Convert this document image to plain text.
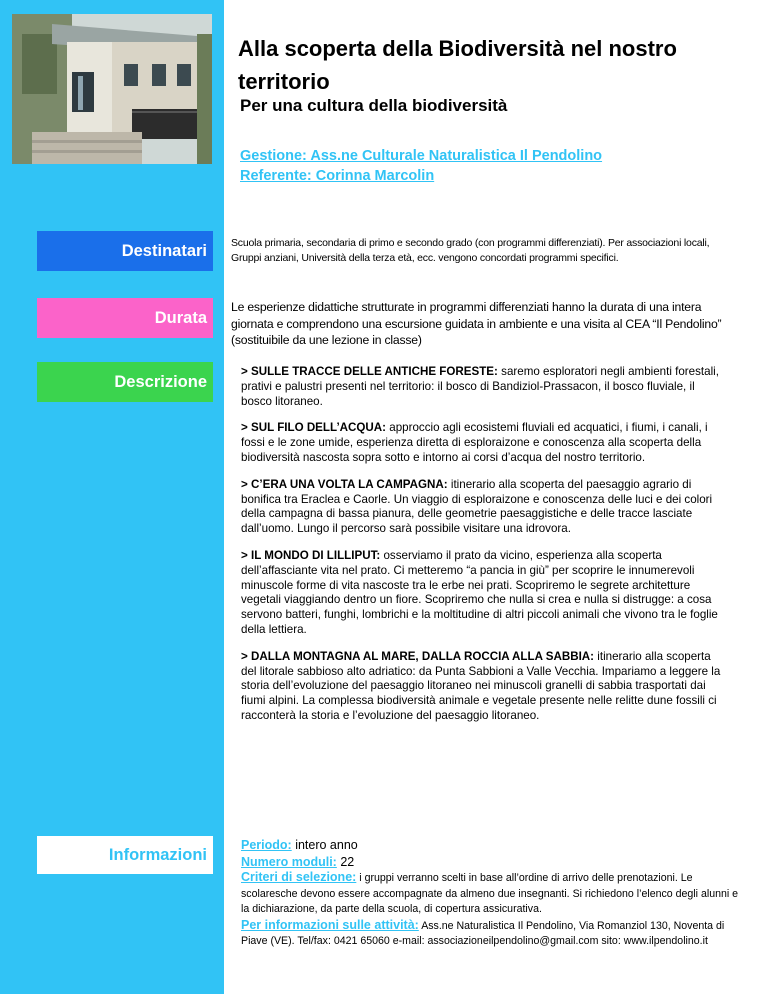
Alla scoperta della Biodiversità nel nostro territorio
Per una cultura della biodiversità
Gestione: Ass.ne Culturale Naturalistica Il Pendolino
Referente: Corinna Marcolin
Destinatari	Scuola primaria, secondaria di primo e secondo grado (con programmi differenziati). Per associazioni locali, Gruppi anziani, Università della terza età, ecc. vengono concordati programmi specifici.
Durata
Le esperienze didattiche strutturate in programmi differenziati hanno la durata di una intera giornata e comprendono una escursione guidata in ambiente e una visita al CEA “Il Pendolino” (sostituibile da une lezione in classe)
Descrizione

> SULLE TRACCE DELLE ANTICHE FORESTE: saremo esploratori negli ambienti forestali, prativi e palustri presenti nel territorio: il bosco di Bandiziol-Prassacon, il bosco fluviale, il bosco litoraneo.

> SUL FILO DELL’ACQUA: approccio agli ecosistemi fluviali ed acquatici, i fiumi, i canali, i fossi e le zone umide, esperienza diretta di esploraizone e conoscenza alla scoperta della biodiversità nascosta sopra sotto e intorno ai corsi d’acqua del nostro territorio.

> C’ERA UNA VOLTA LA CAMPAGNA: itinerario alla scoperta del paesaggio agrario di bonifica tra Eraclea e Caorle. Un viaggio di esploraizone e conoscenza delle luci e dei colori della campagna di bassa pianura, delle geometrie paesaggistiche e delle tracce lasciate dall’uomo. Lungo il percorso sarà possibile visitare una idrovora.

> IL MONDO DI LILLIPUT: osserviamo il prato da vicino, esperienza alla scoperta dell’affasciante vita nel prato. Ci metteremo “a pancia in giù” per scoprire le innumerevoli minuscole forme di vita nascoste tra le erbe nei prati. Scopriremo le segrete architetture vegetali viaggiando dentro un fiore. Scopriremo che nulla si crea e nulla si distrugge: a cosa servono batteri, funghi, lombrichi e la moltitudine di altri piccoli animali che vivono tra le foglie della lettiera.

> DALLA MONTAGNA AL MARE, DALLA ROCCIA ALLA SABBIA: itinerario alla scoperta del litorale sabbioso alto adriatico: da Punta Sabbioni a Valle Vecchia. Impariamo a leggere la storia dell’evoluzione del paesaggio litoraneo nei minuscoli granelli di sabbia trasportati dai fiumi alpini. La complessa biodiversità animale e vegetale presente nelle relitte dune fossili ci racconterà la storia e l’evoluzione del paesaggio litoraneo.

Informazioni
Periodo: intero anno
Numero moduli: 22
Criteri di selezione: i gruppi verranno scelti in base all’ordine di arrivo delle prenotazioni. Le scolaresche devono essere accompagnate da almeno due insegnanti. Si richiedono l’elenco degli alunni e la dichiarazione, da parte della scuola, di copertura assicurativa.
Per informazioni sulle attività: Ass.ne Naturalistica Il Pendolino, Via Romanziol 130, Noventa di Piave (VE). Tel/fax: 0421 65060 e-mail: associazioneilpendolino@gmail.com sito: www.ilpendolino.it
